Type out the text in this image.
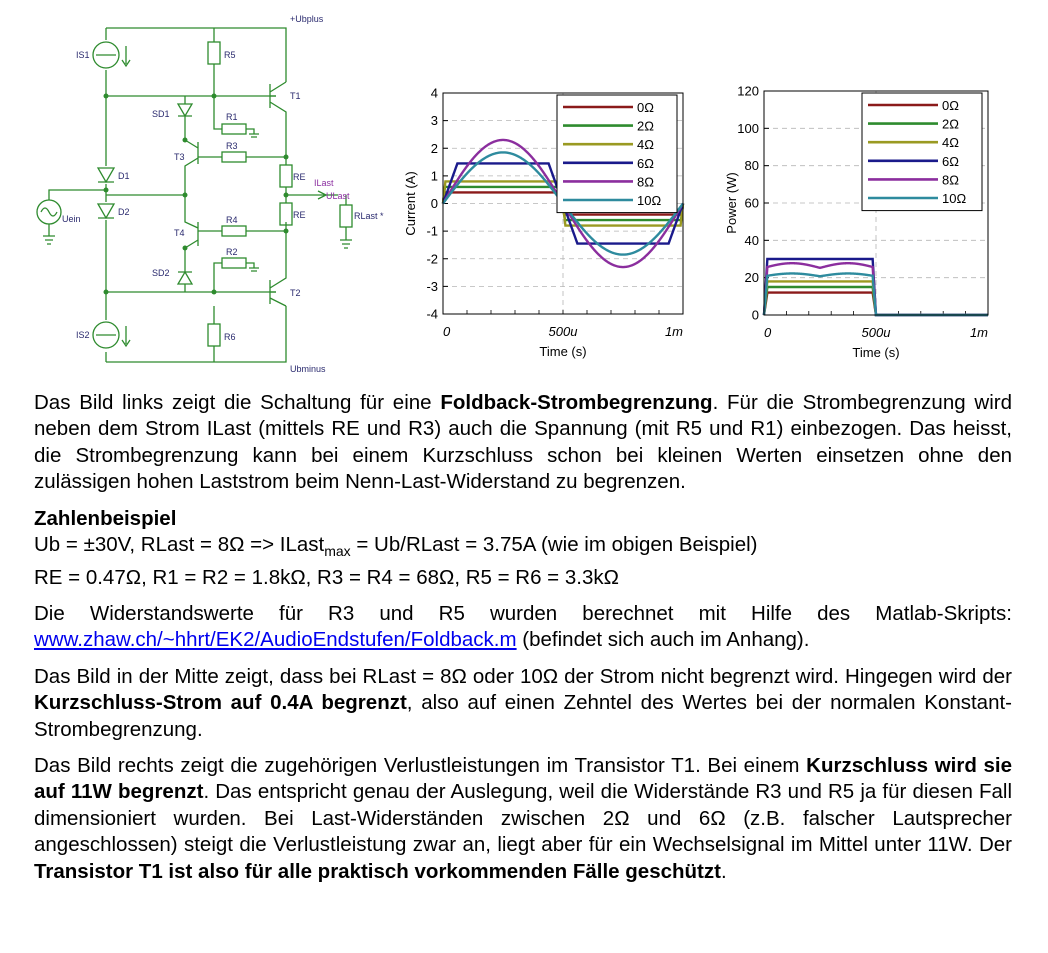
+Ubplus
Ubminus
IS1
IS2
R5
R6
R1
R2
R3
R4
RE
RE
T1
T2
T3
T4
SD1
SD2
D1
D2
Uein
ILast
ULast
RLast *
4
3
2
1
0
-1
-2
-3
-4
0	500u	1m
Current (A)
Time (s)
0Ω
2Ω
4Ω
6Ω
8Ω
10Ω
120
100
80
60
40
20
0
0	500u	1m
Power (W)
Time (s)
0Ω
2Ω
4Ω
6Ω
8Ω
10Ω

Das Bild links zeigt die Schaltung für eine Foldback-Strombegrenzung. Für die Strombegrenzung wird neben dem Strom ILast (mittels RE und R3) auch die Spannung (mit R5 und R1) einbezogen. Das heisst, die Strombegrenzung kann bei einem Kurzschluss schon bei kleinen Werten einsetzen ohne den zulässigen hohen Laststrom beim Nenn-Last-Widerstand zu begrenzen.

Zahlenbeispiel

Ub = ±30V, RLast = 8Ω => ILast$_{max}$ = Ub/RLast = 3.75A (wie im obigen Beispiel)

RE = 0.47Ω, R1 = R2 = 1.8kΩ, R3 = R4 = 68Ω, R5 = R6 = 3.3kΩ

Die Widerstandswerte für R3 und R5 wurden berechnet mit Hilfe des Matlab-Skripts: www.zhaw.ch/~hhrt/EK2/AudioEndstufen/Foldback.m (befindet sich auch im Anhang).

Das Bild in der Mitte zeigt, dass bei RLast = 8Ω oder 10Ω der Strom nicht begrenzt wird. Hingegen wird der Kurzschluss-Strom auf 0.4A begrenzt, also auf einen Zehntel des Wertes bei der normalen Konstant-Strombegrenzung.

Das Bild rechts zeigt die zugehörigen Verlustleistungen im Transistor T1. Bei einem Kurzschluss wird sie auf 11W begrenzt. Das entspricht genau der Auslegung, weil die Widerstände R3 und R5 ja für diesen Fall dimensioniert wurden. Bei Last-Widerständen zwischen 2Ω und 6Ω (z.B. falscher Lautsprecher angeschlossen) steigt die Verlustleistung zwar an, liegt aber für ein Wechselsignal im Mittel unter 11W. Der Transistor T1 ist also für alle praktisch vorkommenden Fälle geschützt.
